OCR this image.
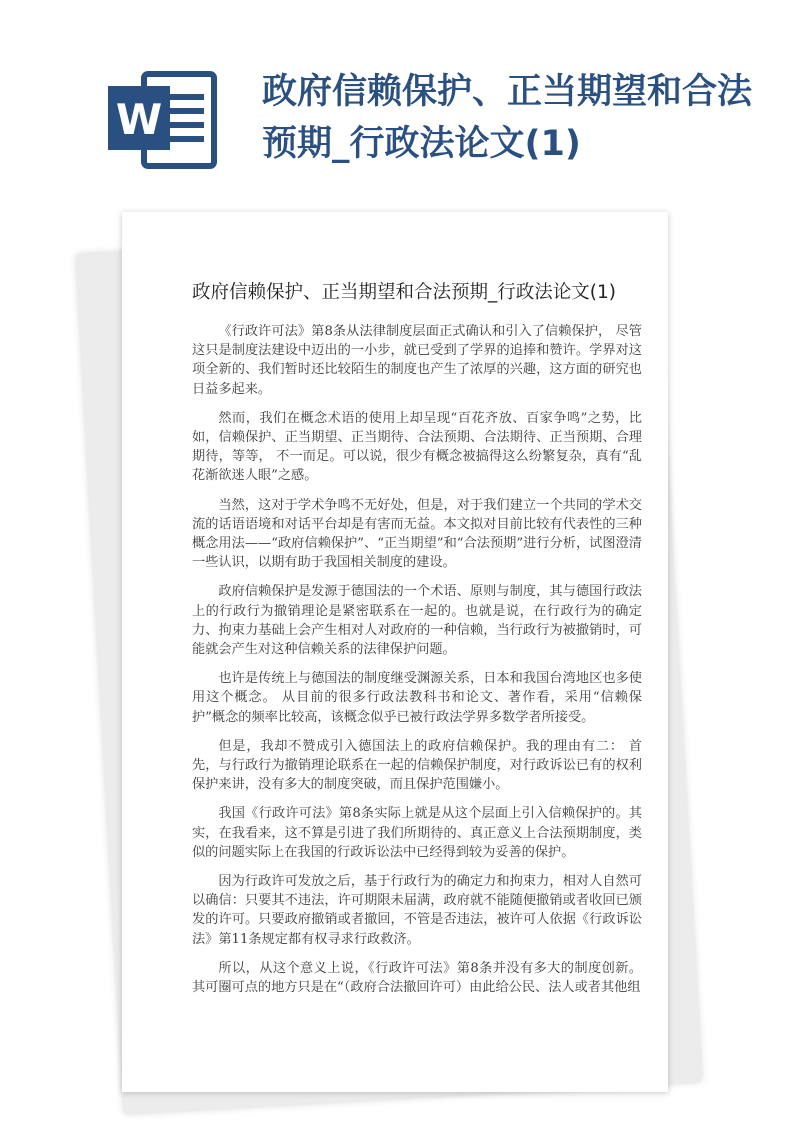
W
政府信赖保护、正当期望和合法预期_行政法论文(1)
政府信赖保护、正当期望和合法预期_行政法论文(1)

《行政许可法》第8条从法律制度层面正式确认和引入了信赖保护， 尽管这只是制度法建设中迈出的一小步，就已受到了学界的追捧和赞许。学界对这项全新的、我们暂时还比较陌生的制度也产生了浓厚的兴趣，这方面的研究也日益多起来。

然而，我们在概念术语的使用上却呈现“百花齐放、百家争鸣”之势，比如，信赖保护、正当期望、正当期待、合法预期、合法期待、正当预期、合理期待，等等， 不一而足。可以说，很少有概念被搞得这么纷繁复杂，真有“乱花渐欲迷人眼”之感。

当然，这对于学术争鸣不无好处，但是，对于我们建立一个共同的学术交流的话语语境和对话平台却是有害而无益。本文拟对目前比较有代表性的三种概念用法——“政府信赖保护”、“正当期望”和“合法预期”进行分析，试图澄清一些认识，以期有助于我国相关制度的建设。

政府信赖保护是发源于德国法的一个术语、原则与制度，其与德国行政法上的行政行为撤销理论是紧密联系在一起的。也就是说，在行政行为的确定力、拘束力基础上会产生相对人对政府的一种信赖，当行政行为被撤销时，可能就会产生对这种信赖关系的法律保护问题。

也许是传统上与德国法的制度继受渊源关系，日本和我国台湾地区也多使用这个概念。 从目前的很多行政法教科书和论文、著作看，采用“信赖保护”概念的频率比较高，该概念似乎已被行政法学界多数学者所接受。

但是，我却不赞成引入德国法上的政府信赖保护。我的理由有二： 首先，与行政行为撤销理论联系在一起的信赖保护制度，对行政诉讼已有的权利保护来讲，没有多大的制度突破，而且保护范围嫌小。

我国《行政许可法》第8条实际上就是从这个层面上引入信赖保护的。其实，在我看来，这不算是引进了我们所期待的、真正意义上合法预期制度，类似的问题实际上在我国的行政诉讼法中已经得到较为妥善的保护。

因为行政许可发放之后，基于行政行为的确定力和拘束力，相对人自然可以确信：只要其不违法，许可期限未届满，政府就不能随便撤销或者收回已颁发的许可。只要政府撤销或者撤回，不管是否违法，被许可人依据《行政诉讼法》第11条规定都有权寻求行政救济。

所以，从这个意义上说，《行政许可法》第8条并没有多大的制度创新。其可圈可点的地方只是在“（政府合法撤回许可）由此给公民、法人或者其他组
